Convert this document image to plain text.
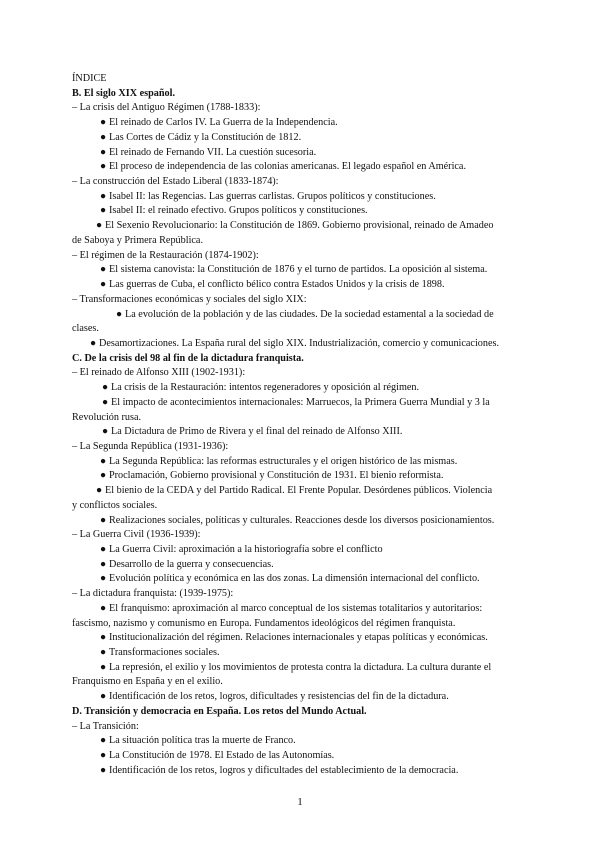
ÍNDICE

B. El siglo XIX español.

– La crisis del Antiguo Régimen (1788-1833):

● El reinado de Carlos IV. La Guerra de la Independencia.

● Las Cortes de Cádiz y la Constitución de 1812.

● El reinado de Fernando VII. La cuestión sucesoria.

● El proceso de independencia de las colonias americanas. El legado español en América.

– La construcción del Estado Liberal (1833-1874):

● Isabel II: las Regencias. Las guerras carlistas. Grupos políticos y constituciones.

● Isabel II: el reinado efectivo. Grupos políticos y constituciones.

● El Sexenio Revolucionario: la Constitución de 1869. Gobierno provisional, reinado de Amadeo

de Saboya y Primera República.

– El régimen de la Restauración (1874-1902):

● El sistema canovista: la Constitución de 1876 y el turno de partidos. La oposición al sistema.

● Las guerras de Cuba, el conflicto bélico contra Estados Unidos y la crisis de 1898.

– Transformaciones económicas y sociales del siglo XIX:

● La evolución de la población y de las ciudades. De la sociedad estamental a la sociedad de

clases.

● Desamortizaciones. La España rural del siglo XIX. Industrialización, comercio y comunicaciones.

C. De la crisis del 98 al fin de la dictadura franquista.

– El reinado de Alfonso XIII (1902-1931):

● La crisis de la Restauración: intentos regeneradores y oposición al régimen.

● El impacto de acontecimientos internacionales: Marruecos, la Primera Guerra Mundial y 3 la

Revolución rusa.

● La Dictadura de Primo de Rivera y el final del reinado de Alfonso XIII.

– La Segunda República (1931-1936):

● La Segunda República: las reformas estructurales y el origen histórico de las mismas.

● Proclamación, Gobierno provisional y Constitución de 1931. El bienio reformista.

● El bienio de la CEDA y del Partido Radical. El Frente Popular. Desórdenes públicos. Violencia

y conflictos sociales.

● Realizaciones sociales, políticas y culturales. Reacciones desde los diversos posicionamientos.

– La Guerra Civil (1936-1939):

● La Guerra Civil: aproximación a la historiografía sobre el conflicto

● Desarrollo de la guerra y consecuencias.

● Evolución política y económica en las dos zonas. La dimensión internacional del conflicto.

– La dictadura franquista: (1939-1975):

● El franquismo: aproximación al marco conceptual de los sistemas totalitarios y autoritarios:

fascismo, nazismo y comunismo en Europa. Fundamentos ideológicos del régimen franquista.

● Institucionalización del régimen. Relaciones internacionales y etapas políticas y económicas.

● Transformaciones sociales.

● La represión, el exilio y los movimientos de protesta contra la dictadura. La cultura durante el

Franquismo en España y en el exilio.

● Identificación de los retos, logros, dificultades y resistencias del fin de la dictadura.

D. Transición y democracia en España. Los retos del Mundo Actual.

– La Transición:

● La situación política tras la muerte de Franco.

● La Constitución de 1978. El Estado de las Autonomías.

● Identificación de los retos, logros y dificultades del establecimiento de la democracia.

1
